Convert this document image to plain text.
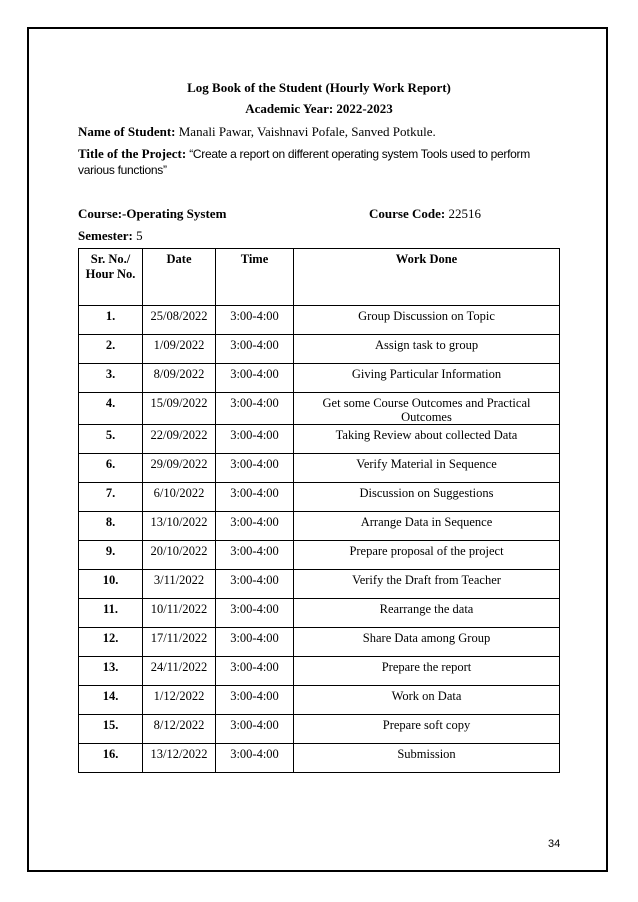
Log Book of the Student (Hourly Work Report)
Academic Year: 2022-2023
Name of Student: Manali Pawar, Vaishnavi Pofale, Sanved Potkule.
Title of the Project: “Create a report on different operating system Tools used to perform various functions”
Course:-Operating System	Course Code: 22516
Semester: 5
Sr. No./ Hour No.	Date	Time	Work Done
1.	25/08/2022	3:00-4:00	Group Discussion on Topic
2.	1/09/2022	3:00-4:00	Assign task to group
3.	8/09/2022	3:00-4:00	Giving Particular Information
4.	15/09/2022	3:00-4:00	Get some Course Outcomes and Practical Outcomes
5.	22/09/2022	3:00-4:00	Taking Review about collected Data
6.	29/09/2022	3:00-4:00	Verify Material in Sequence
7.	6/10/2022	3:00-4:00	Discussion on Suggestions
8.	13/10/2022	3:00-4:00	Arrange Data in Sequence
9.	20/10/2022	3:00-4:00	Prepare proposal of the project
10.	3/11/2022	3:00-4:00	Verify the Draft from Teacher
11.	10/11/2022	3:00-4:00	Rearrange the data
12.	17/11/2022	3:00-4:00	Share Data among Group
13.	24/11/2022	3:00-4:00	Prepare the report
14.	1/12/2022	3:00-4:00	Work on Data
15.	8/12/2022	3:00-4:00	Prepare soft copy
16.	13/12/2022	3:00-4:00	Submission
34
